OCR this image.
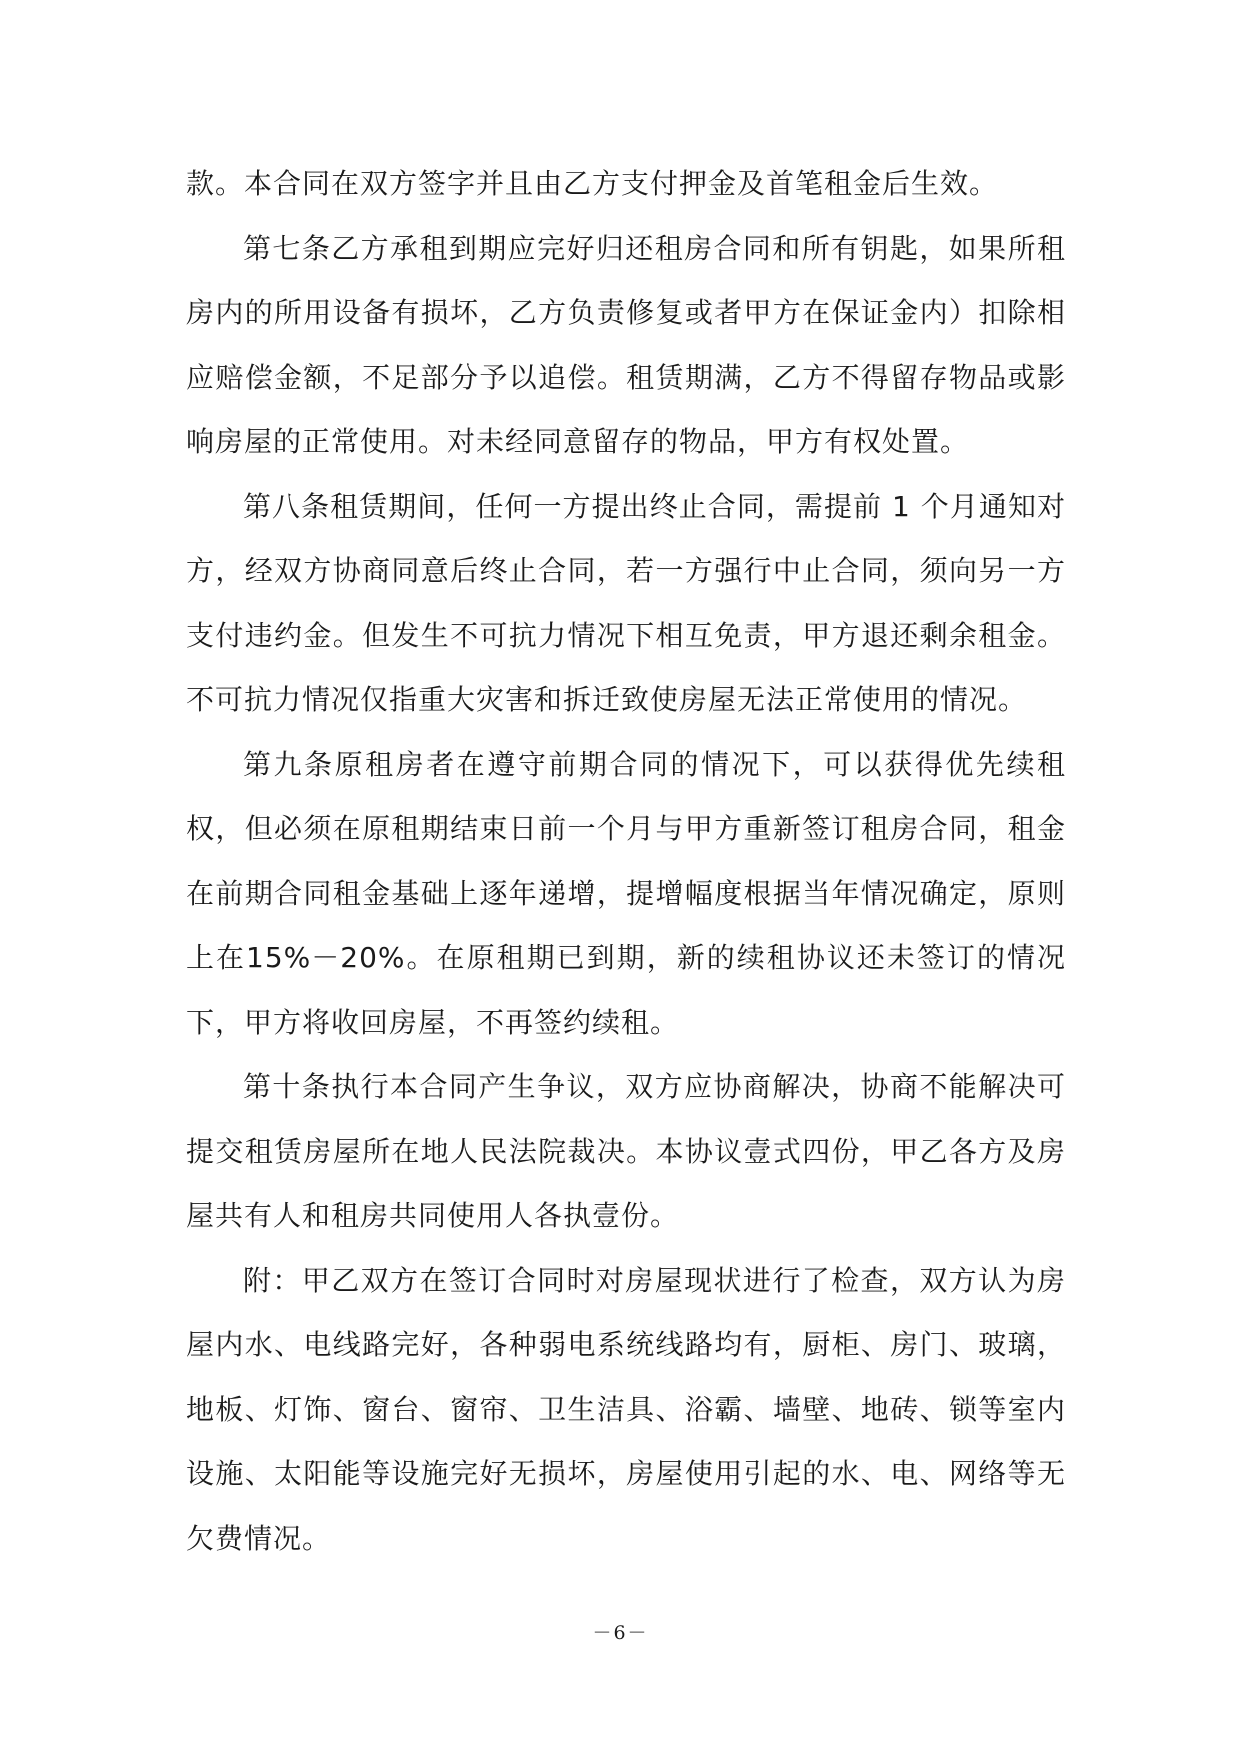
款。本合同在双方签字并且由乙方支付押金及首笔租金后生效。

第七条乙方承租到期应完好归还租房合同和所有钥匙，如果所租房内的所用设备有损坏，乙方负责修复或者甲方在保证金内）扣除相应赔偿金额，不足部分予以追偿。租赁期满，乙方不得留存物品或影响房屋的正常使用。对未经同意留存的物品，甲方有权处置。

第八条租赁期间，任何一方提出终止合同，需提前 1 个月通知对方，经双方协商同意后终止合同，若一方强行中止合同，须向另一方支付违约金。但发生不可抗力情况下相互免责，甲方退还剩余租金。不可抗力情况仅指重大灾害和拆迁致使房屋无法正常使用的情况。

第九条原租房者在遵守前期合同的情况下，可以获得优先续租权，但必须在原租期结束日前一个月与甲方重新签订租房合同，租金在前期合同租金基础上逐年递增，提增幅度根据当年情况确定，原则上在15%－20%。在原租期已到期，新的续租协议还未签订的情况下，甲方将收回房屋，不再签约续租。

第十条执行本合同产生争议，双方应协商解决，协商不能解决可提交租赁房屋所在地人民法院裁决。本协议壹式四份，甲乙各方及房屋共有人和租房共同使用人各执壹份。

附：甲乙双方在签订合同时对房屋现状进行了检查，双方认为房屋内水、电线路完好，各种弱电系统线路均有，厨柜、房门、玻璃，地板、灯饰、窗台、窗帘、卫生洁具、浴霸、墙壁、地砖、锁等室内设施、太阳能等设施完好无损坏，房屋使用引起的水、电、网络等无欠费情况。

－6－
